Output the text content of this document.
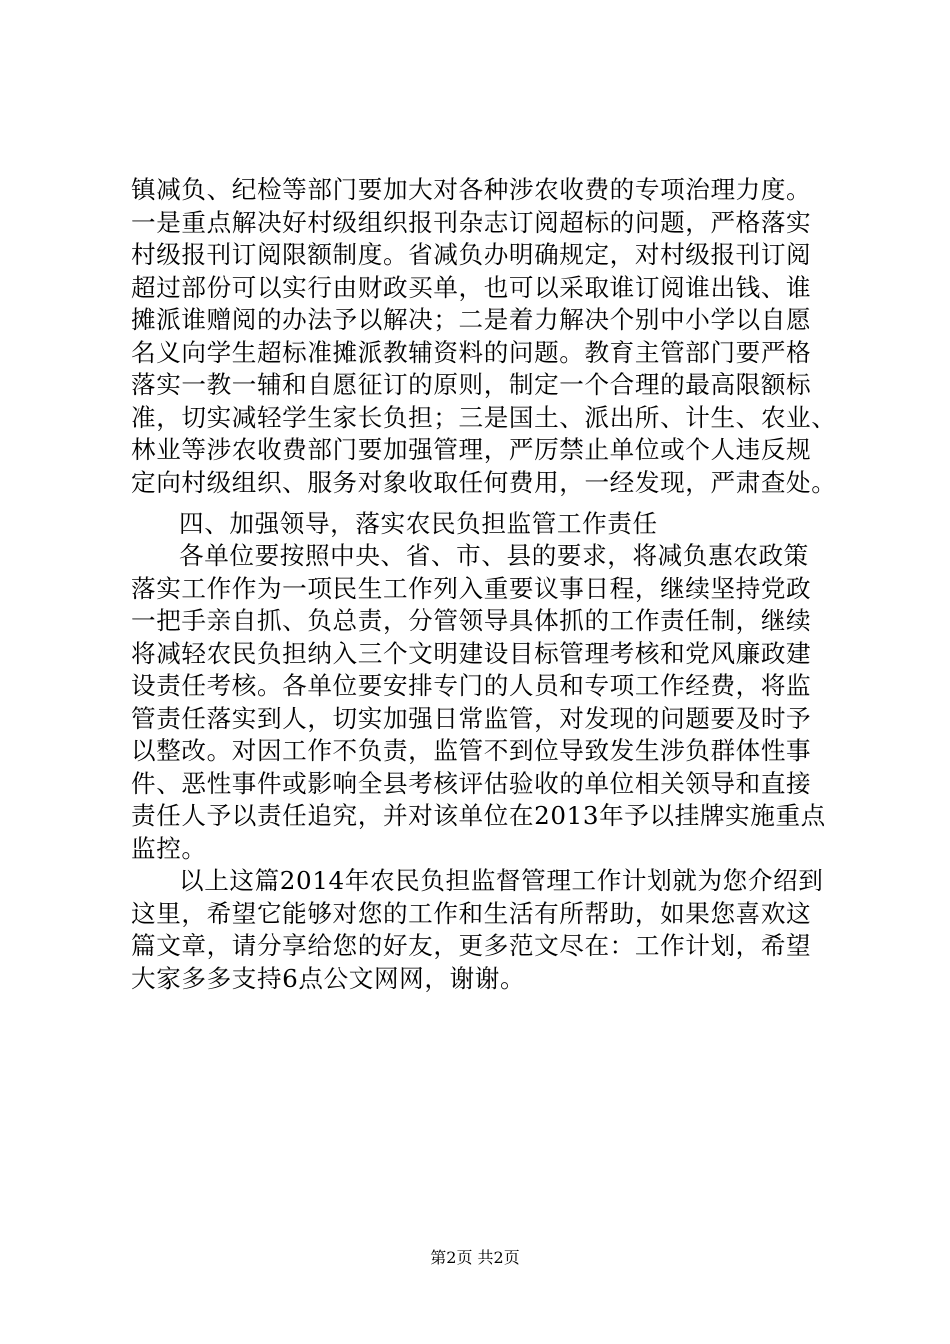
镇减负、纪检等部门要加大对各种涉农收费的专项治理力度。
一是重点解决好村级组织报刊杂志订阅超标的问题，严格落实
村级报刊订阅限额制度。省减负办明确规定，对村级报刊订阅
超过部份可以实行由财政买单，也可以采取谁订阅谁出钱、谁
摊派谁赠阅的办法予以解决；二是着力解决个别中小学以自愿
名义向学生超标准摊派教辅资料的问题。教育主管部门要严格
落实一教一辅和自愿征订的原则，制定一个合理的最高限额标
准，切实减轻学生家长负担；三是国土、派出所、计生、农业、
林业等涉农收费部门要加强管理，严厉禁止单位或个人违反规
定向村级组织、服务对象收取任何费用，一经发现，严肃查处。
四、加强领导，落实农民负担监管工作责任
各单位要按照中央、省、市、县的要求，将减负惠农政策
落实工作作为一项民生工作列入重要议事日程，继续坚持党政
一把手亲自抓、负总责，分管领导具体抓的工作责任制，继续
将减轻农民负担纳入三个文明建设目标管理考核和党风廉政建
设责任考核。各单位要安排专门的人员和专项工作经费，将监
管责任落实到人，切实加强日常监管，对发现的问题要及时予
以整改。对因工作不负责，监管不到位导致发生涉负群体性事
件、恶性事件或影响全县考核评估验收的单位相关领导和直接
责任人予以责任追究，并对该单位在2013年予以挂牌实施重点
监控。
以上这篇2014年农民负担监督管理工作计划就为您介绍到
这里，希望它能够对您的工作和生活有所帮助，如果您喜欢这
篇文章，请分享给您的好友，更多范文尽在：工作计划，希望
大家多多支持6点公文网网，谢谢。
第2页 共2页
